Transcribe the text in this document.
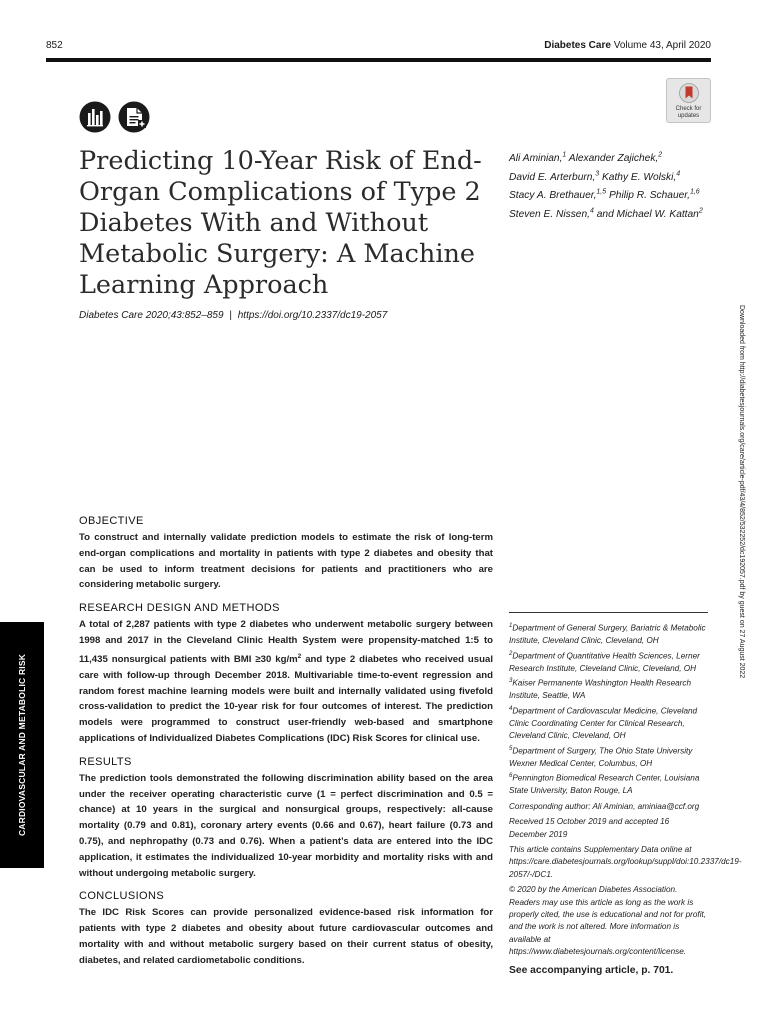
852	Diabetes Care Volume 43, April 2020
Check for
updates
Predicting 10-Year Risk of End-Organ Complications of Type 2 Diabetes With and Without Metabolic Surgery: A Machine Learning Approach
Diabetes Care 2020;43:852–859 | https://doi.org/10.2337/dc19-2057
Ali Aminian,$^1$ Alexander Zajichek,$^2$
David E. Arterburn,$^3$ Kathy E. Wolski,$^4$
Stacy A. Brethauer,$^{1,5}$ Philip R. Schauer,$^{1,6}$
Steven E. Nissen,$^4$ and Michael W. Kattan$^2$
Downloaded from http://diabetesjournals.org/care/article-pdf/43/4/852/532252/dc192057.pdf by guest on 27 August 2022
CARDIOVASCULAR AND METABOLIC RISK
OBJECTIVE

To construct and internally validate prediction models to estimate the risk of long-term end-organ complications and mortality in patients with type 2 diabetes and obesity that can be used to inform treatment decisions for patients and practitioners who are considering metabolic surgery.

RESEARCH DESIGN AND METHODS

A total of 2,287 patients with type 2 diabetes who underwent metabolic surgery between 1998 and 2017 in the Cleveland Clinic Health System were propensity-matched 1:5 to 11,435 nonsurgical patients with BMI ≥30 $kg/m^2$ and type 2 diabetes who received usual care with follow-up through December 2018. Multivariable time-to-event regression and random forest machine learning models were built and internally validated using fivefold cross-validation to predict the 10-year risk for four outcomes of interest. The prediction models were programmed to construct user-friendly web-based and smartphone applications of Individualized Diabetes Complications (IDC) Risk Scores for clinical use.

RESULTS

The prediction tools demonstrated the following discrimination ability based on the area under the receiver operating characteristic curve (1 = perfect discrimination and 0.5 = chance) at 10 years in the surgical and nonsurgical groups, respectively: all-cause mortality (0.79 and 0.81), coronary artery events (0.66 and 0.67), heart failure (0.73 and 0.75), and nephropathy (0.73 and 0.76). When a patient’s data are entered into the IDC application, it estimates the individualized 10-year morbidity and mortality risks with and without undergoing metabolic surgery.

CONCLUSIONS

The IDC Risk Scores can provide personalized evidence-based risk information for patients with type 2 diabetes and obesity about future cardiovascular outcomes and mortality with and without metabolic surgery based on their current status of obesity, diabetes, and related cardiometabolic conditions.

$^1$Department of General Surgery, Bariatric & Metabolic Institute, Cleveland Clinic, Cleveland, OH
$^2$Department of Quantitative Health Sciences, Lerner Research Institute, Cleveland Clinic, Cleveland, OH
$^3$Kaiser Permanente Washington Health Research Institute, Seattle, WA
$^4$Department of Cardiovascular Medicine, Cleveland Clinic Coordinating Center for Clinical Research, Cleveland Clinic, Cleveland, OH
$^5$Department of Surgery, The Ohio State University Wexner Medical Center, Columbus, OH
$^6$Pennington Biomedical Research Center, Louisiana State University, Baton Rouge, LA
Corresponding author: Ali Aminian, aminiaa@ccf.org
Received 15 October 2019 and accepted 16 December 2019
This article contains Supplementary Data online at https://care.diabetesjournals.org/lookup/suppl/doi:10.2337/dc19-2057/-/DC1.
© 2020 by the American Diabetes Association. Readers may use this article as long as the work is properly cited, the use is educational and not for profit, and the work is not altered. More information is available at https://www.diabetesjournals.org/content/license.
See accompanying article, p. 701.
